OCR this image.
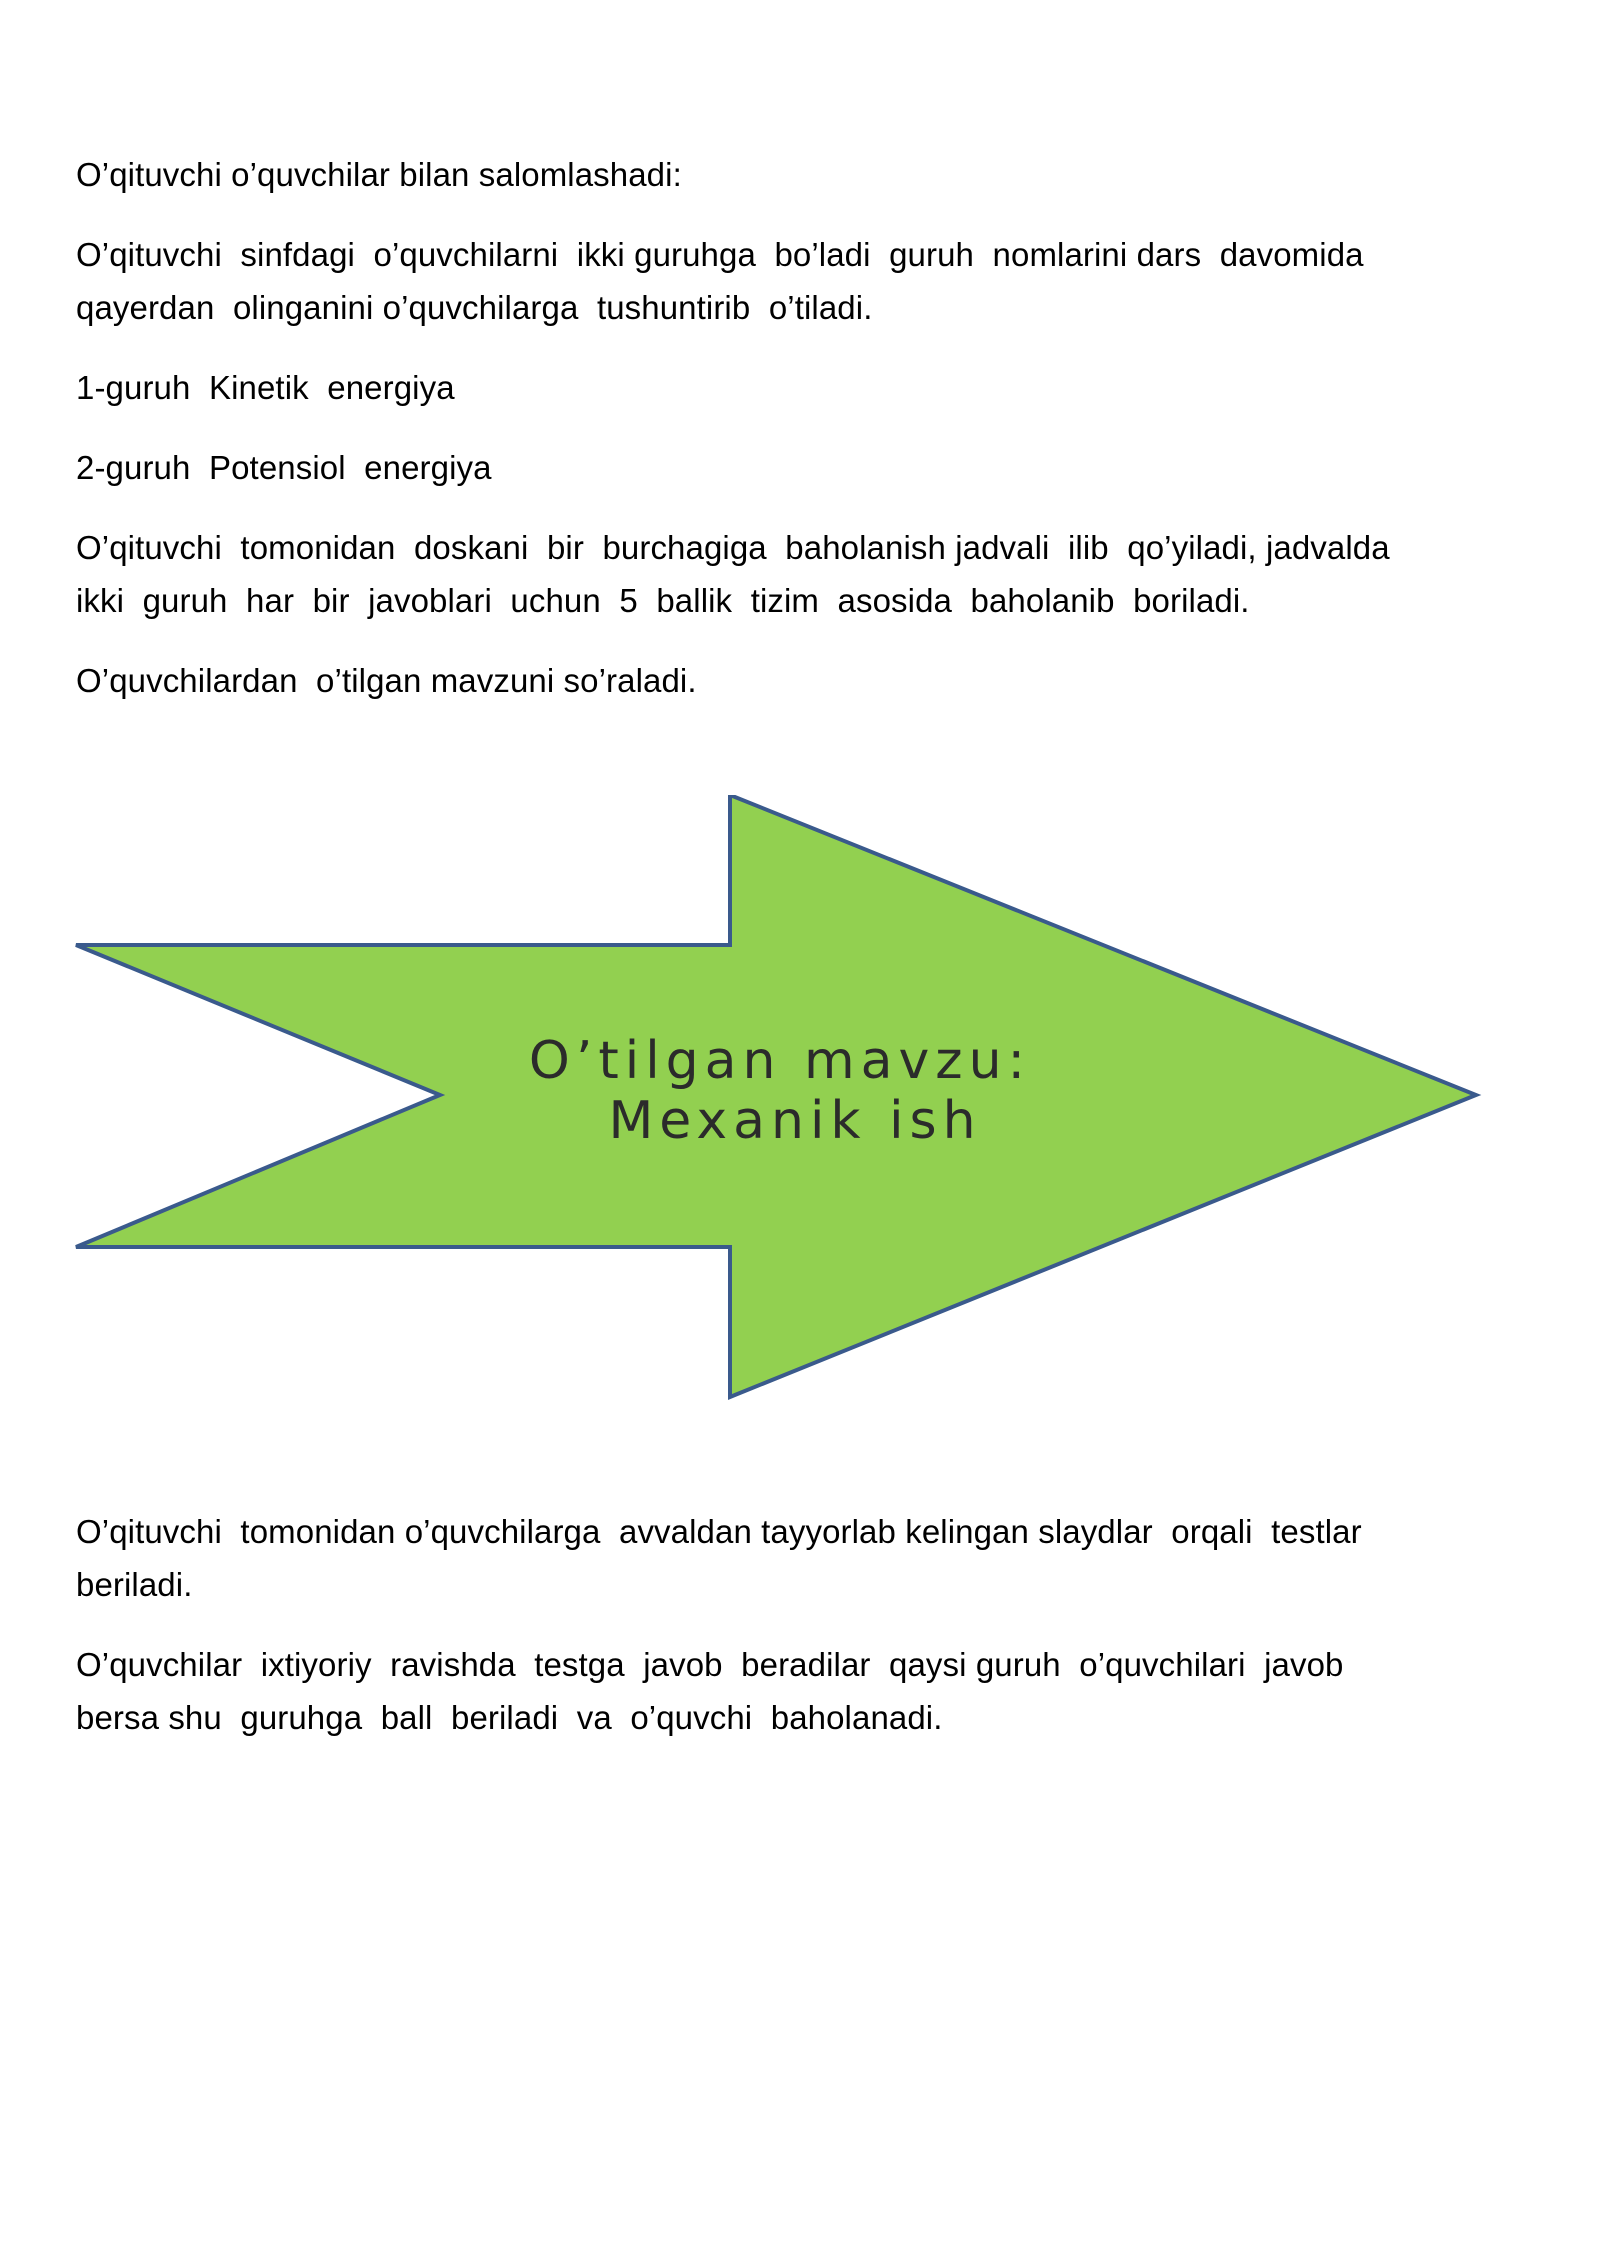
O’qituvchi o’quvchilar bilan salomlashadi:

O’qituvchi  sinfdagi  o’quvchilarni  ikki guruhga  bo’ladi  guruh  nomlarini dars  davomida
qayerdan  olinganini o’quvchilarga  tushuntirib  o’tiladi.

1-guruh  Kinetik  energiya

2-guruh  Potensiol  energiya

O’qituvchi  tomonidan  doskani  bir  burchagiga  baholanish jadvali  ilib  qo’yiladi, jadvalda
ikki  guruh  har  bir  javoblari  uchun  5  ballik  tizim  asosida  baholanib  boriladi.

O’quvchilardan  o’tilgan mavzuni so’raladi.

O’tilgan mavzu:
Mexanik ish

O’qituvchi  tomonidan o’quvchilarga  avvaldan tayyorlab kelingan slaydlar  orqali  testlar
beriladi.

O’quvchilar  ixtiyoriy  ravishda  testga  javob  beradilar  qaysi guruh  o’quvchilari  javob
bersa shu  guruhga  ball  beriladi  va  o’quvchi  baholanadi.
